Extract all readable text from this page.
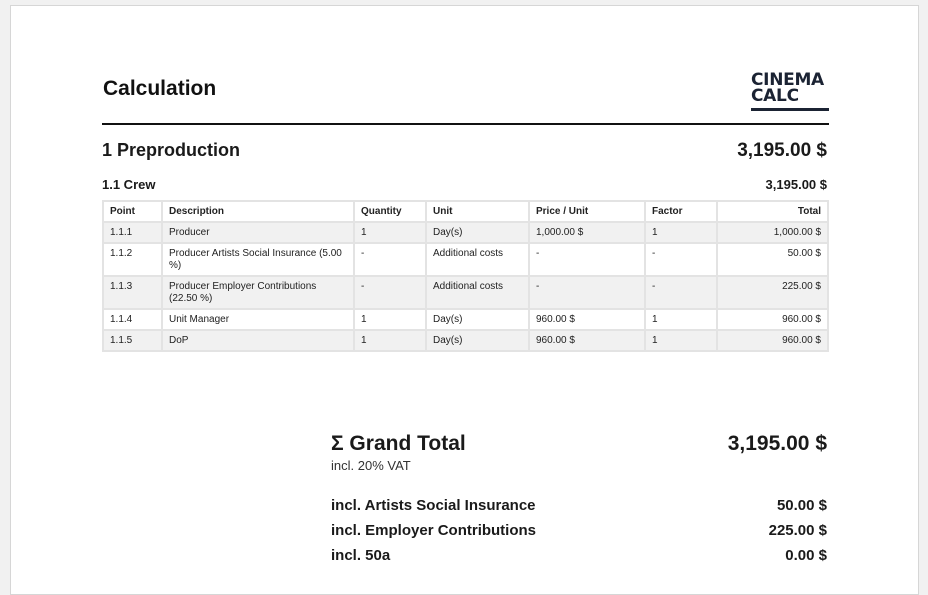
Calculation	CINEMA
CALC
1 Preproduction	3,195.00 $
1.1 Crew	3,195.00 $
Point	Description	Quantity	Unit	Price / Unit	Factor	Total
1.1.1	Producer	1	Day(s)	1,000.00 $	1	1,000.00 $
1.1.2	Producer Artists Social Insurance (5.00 %)	-	Additional costs	-	-	50.00 $
1.1.3	Producer Employer Contributions (22.50 %)	-	Additional costs	-	-	225.00 $
1.1.4	Unit Manager	1	Day(s)	960.00 $	1	960.00 $
1.1.5	DoP	1	Day(s)	960.00 $	1	960.00 $
Σ Grand Total	3,195.00 $
incl. 20% VAT
incl. Artists Social Insurance	50.00 $
incl. Employer Contributions	225.00 $
incl. 50a	0.00 $
